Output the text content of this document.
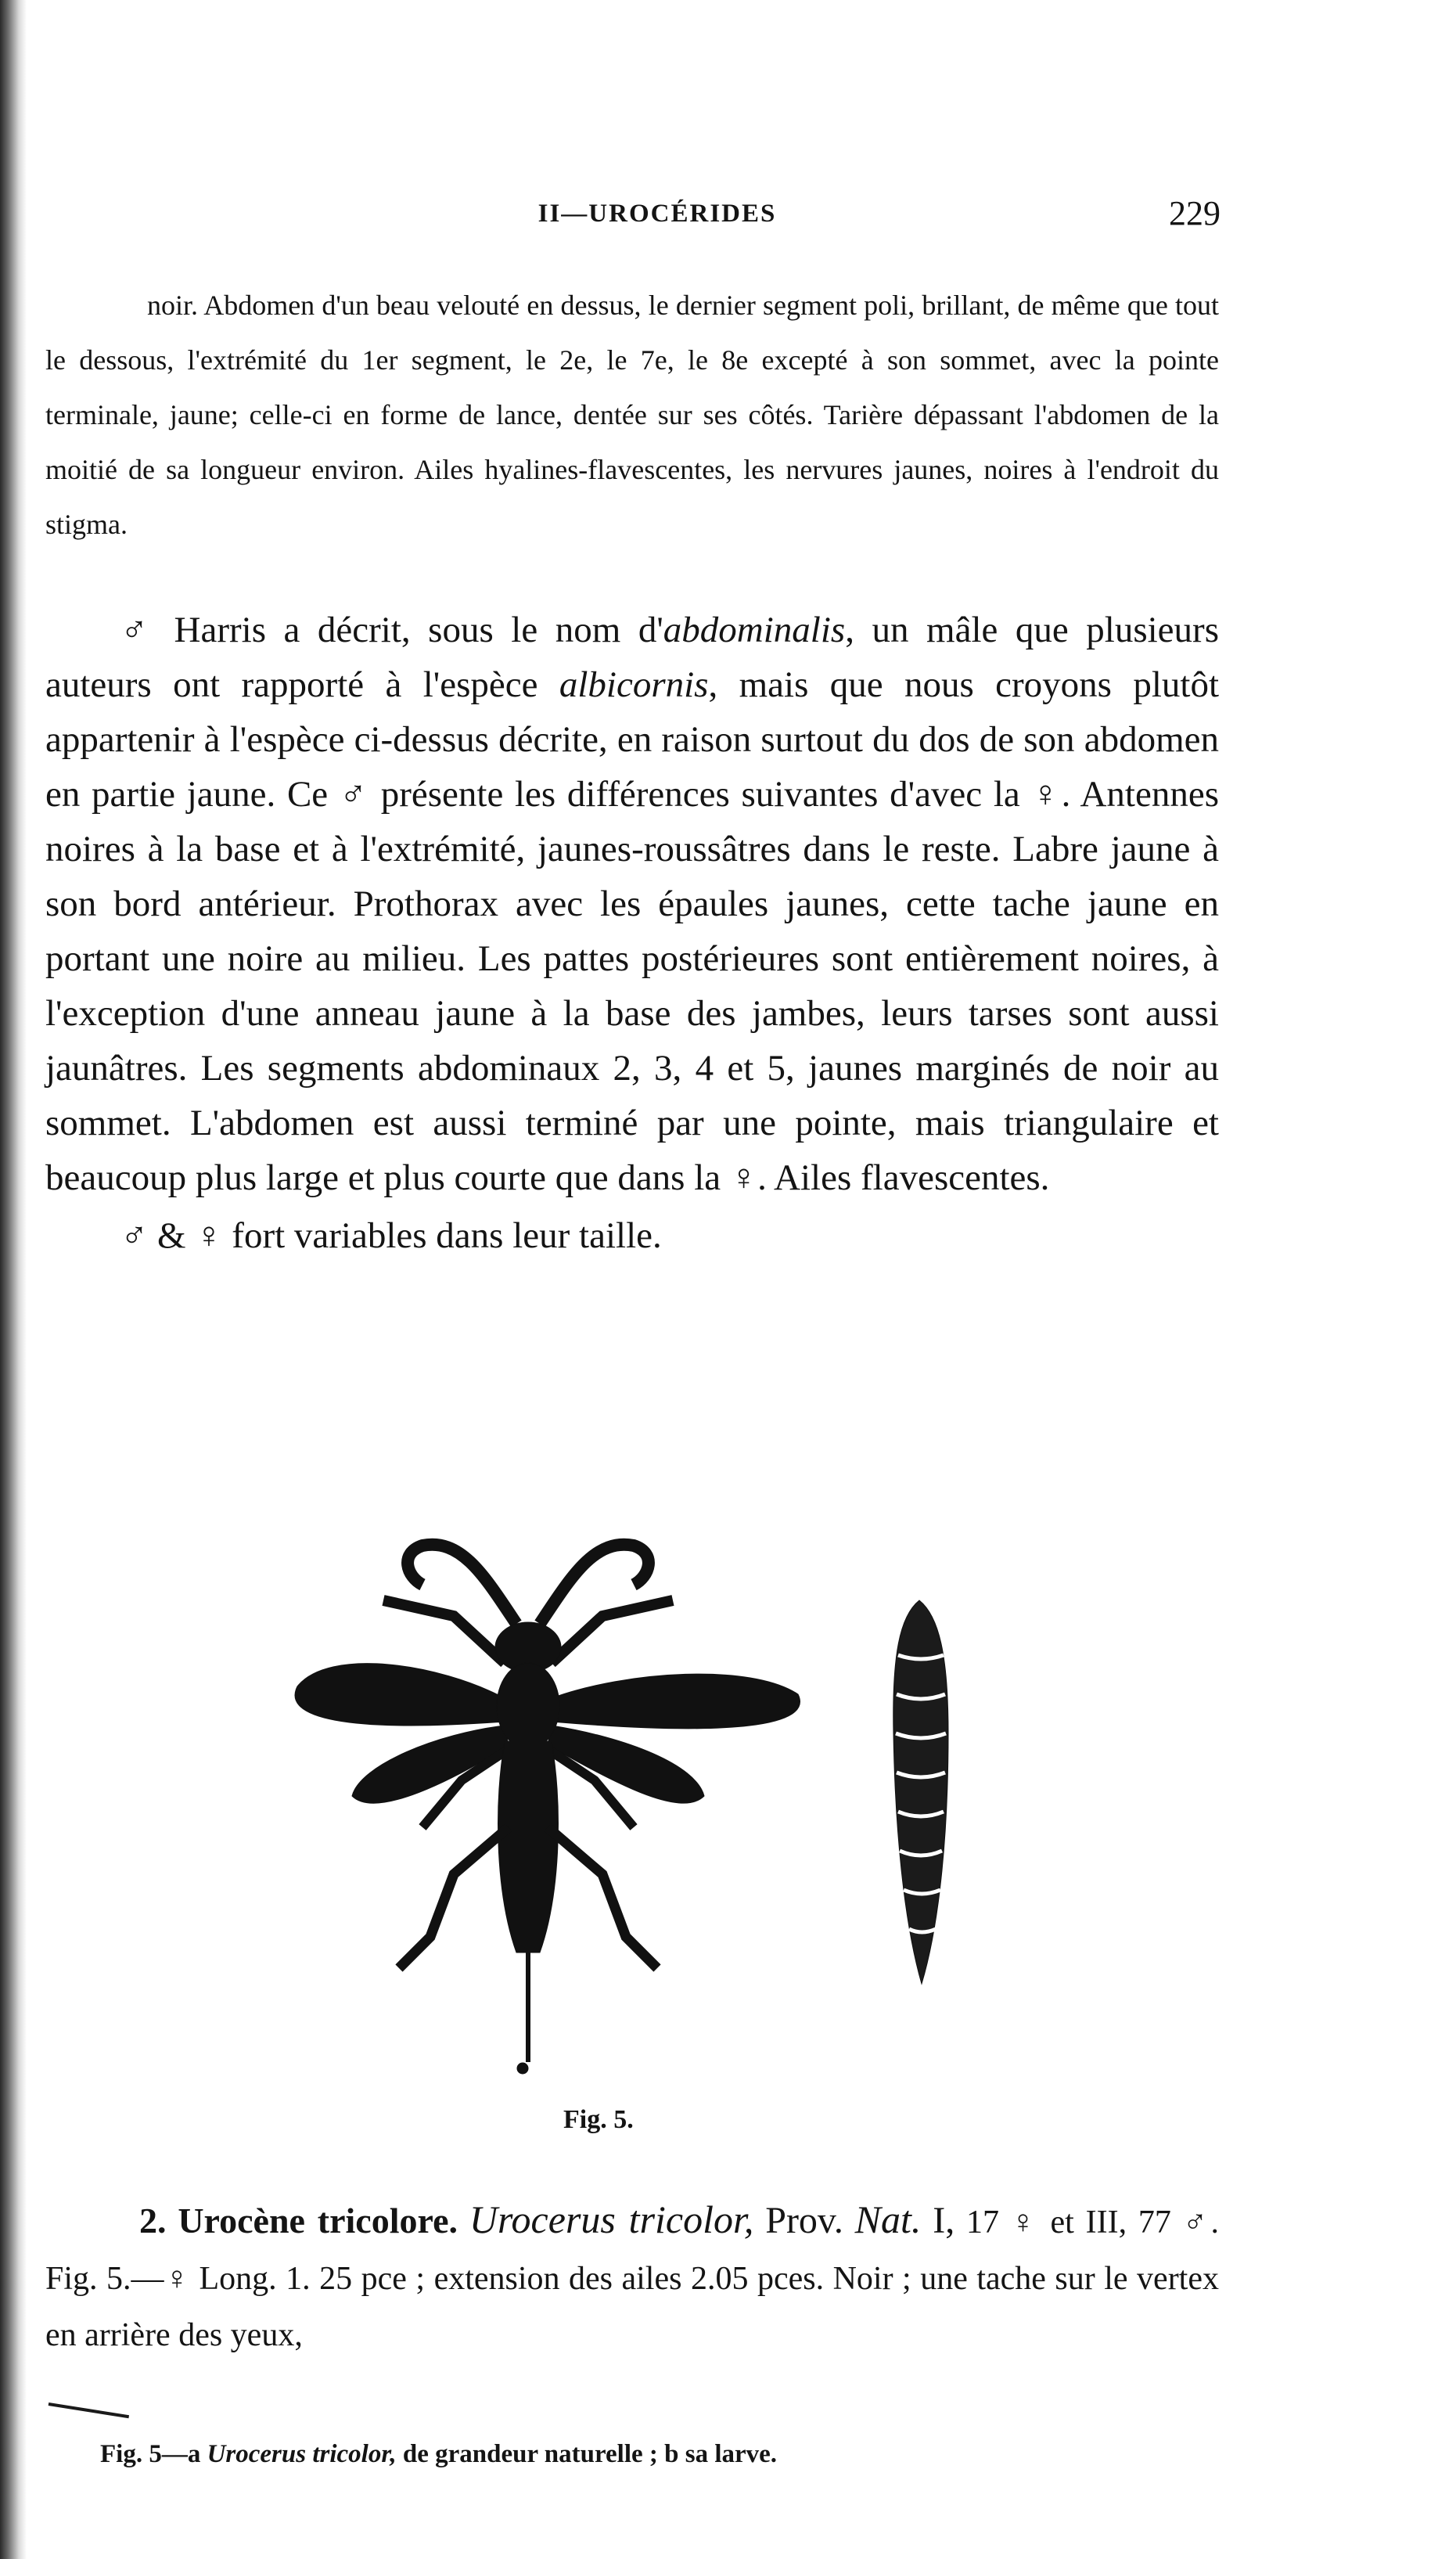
II—UROCÉRIDES	229
noir. Abdomen d'un beau velouté en dessus, le dernier segment poli, brillant, de même que tout le dessous, l'extrémité du 1er segment, le 2e, le 7e, le 8e excepté à son sommet, avec la pointe terminale, jaune; celle-ci en forme de lance, dentée sur ses côtés. Tarière dépassant l'abdomen de la moitié de sa longueur environ. Ailes hyalines-flavescentes, les nervures jaunes, noires à l'endroit du stigma.

♂ Harris a décrit, sous le nom d'abdominalis, un mâle que plusieurs auteurs ont rapporté à l'espèce albicornis, mais que nous croyons plutôt appartenir à l'espèce ci-dessus décrite, en raison surtout du dos de son abdomen en partie jaune. Ce ♂ présente les différences suivantes d'avec la ♀. Antennes noires à la base et à l'extrémité, jaunes-roussâtres dans le reste. Labre jaune à son bord antérieur. Prothorax avec les épaules jaunes, cette tache jaune en portant une noire au milieu. Les pattes postérieures sont entièrement noires, à l'exception d'une anneau jaune à la base des jambes, leurs tarses sont aussi jaunâtres. Les segments abdominaux 2, 3, 4 et 5, jaunes marginés de noir au sommet. L'abdomen est aussi terminé par une pointe, mais triangulaire et beaucoup plus large et plus courte que dans la ♀. Ailes flavescentes.

♂ & ♀ fort variables dans leur taille.

Fig. 5.

2. Urocène tricolore. Urocerus tricolor, Prov. Nat. I, 17 ♀ et III, 77 ♂. Fig. 5.—♀ Long. 1. 25 pce ; extension des ailes 2.05 pces. Noir ; une tache sur le vertex en arrière des yeux,

Fig. 5—a Urocerus tricolor, de grandeur naturelle ; b sa larve.
